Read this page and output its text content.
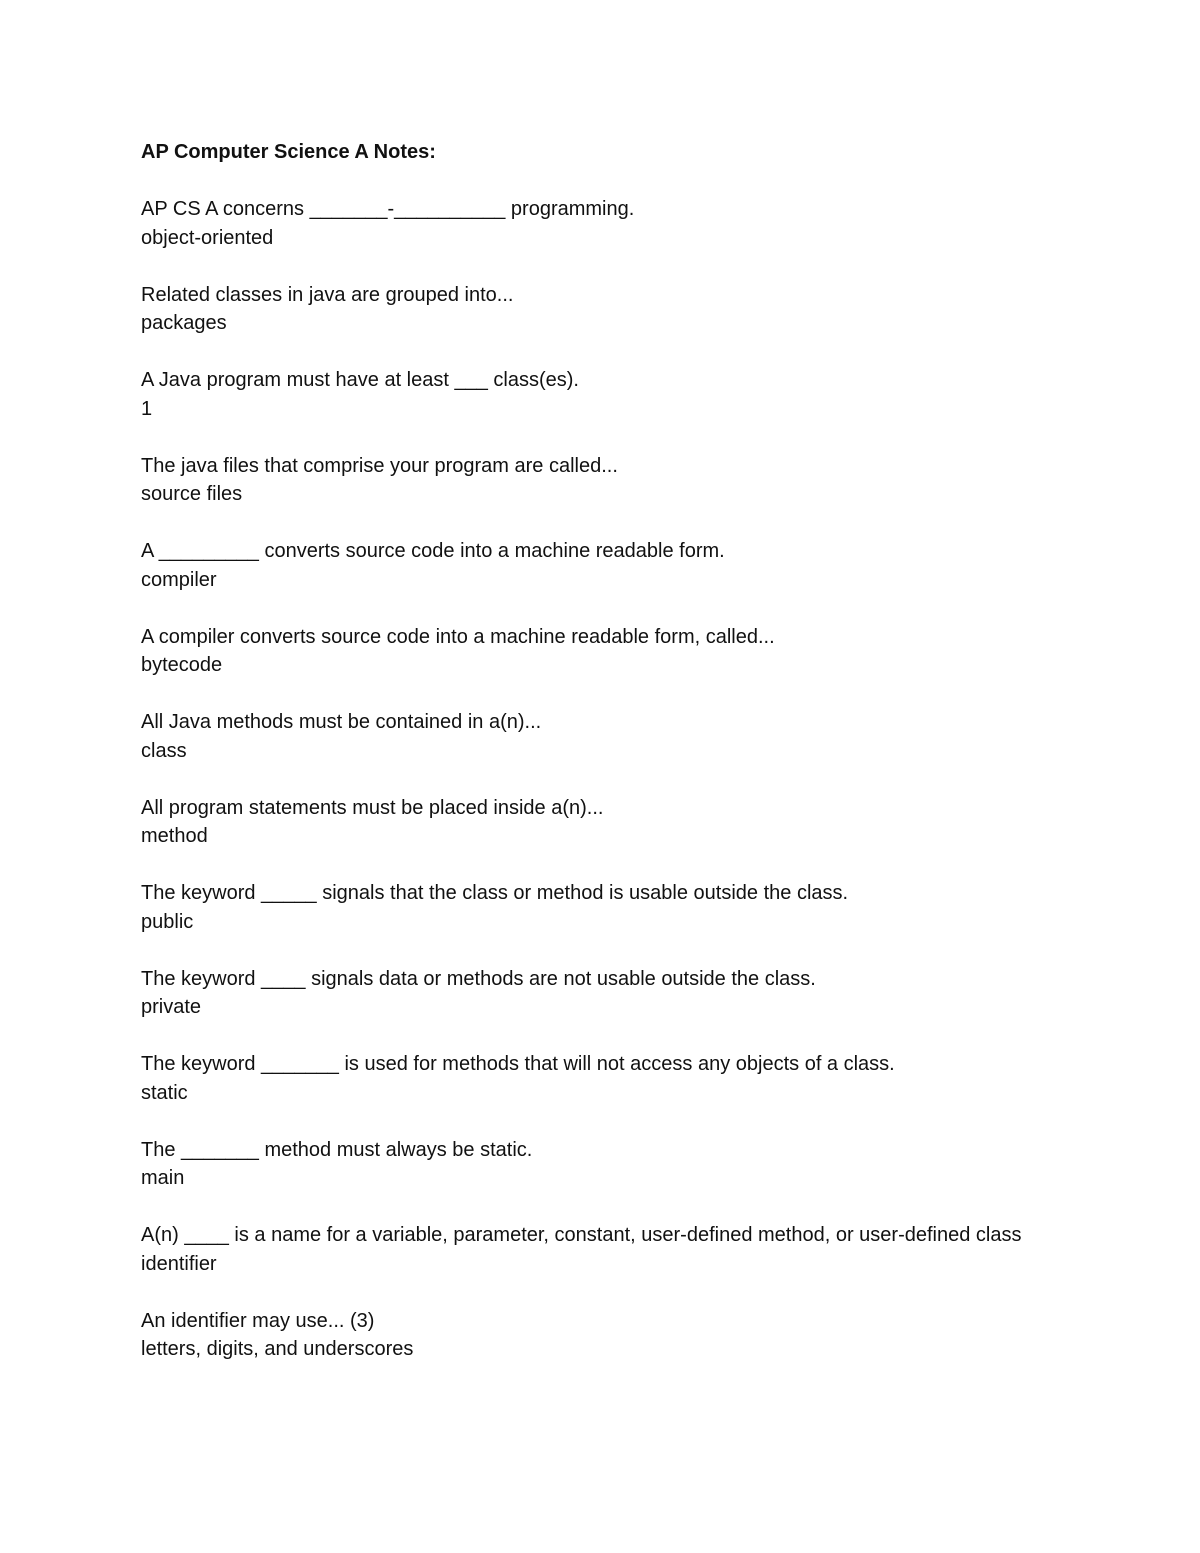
AP Computer Science A Notes:

AP CS A concerns _______-__________ programming.

object-oriented

Related classes in java are grouped into...

packages

A Java program must have at least ___ class(es).

1

The java files that comprise your program are called...

source files

A _________ converts source code into a machine readable form.

compiler

A compiler converts source code into a machine readable form, called...

bytecode

All Java methods must be contained in a(n)...

class

All program statements must be placed inside a(n)...

method

The keyword _____ signals that the class or method is usable outside the class.

public

The keyword ____ signals data or methods are not usable outside the class.

private

The keyword _______ is used for methods that will not access any objects of a class.

static

The _______ method must always be static.

main

A(n) ____ is a name for a variable, parameter, constant, user-defined method, or user-defined class

identifier

An identifier may use... (3)

letters, digits, and underscores
